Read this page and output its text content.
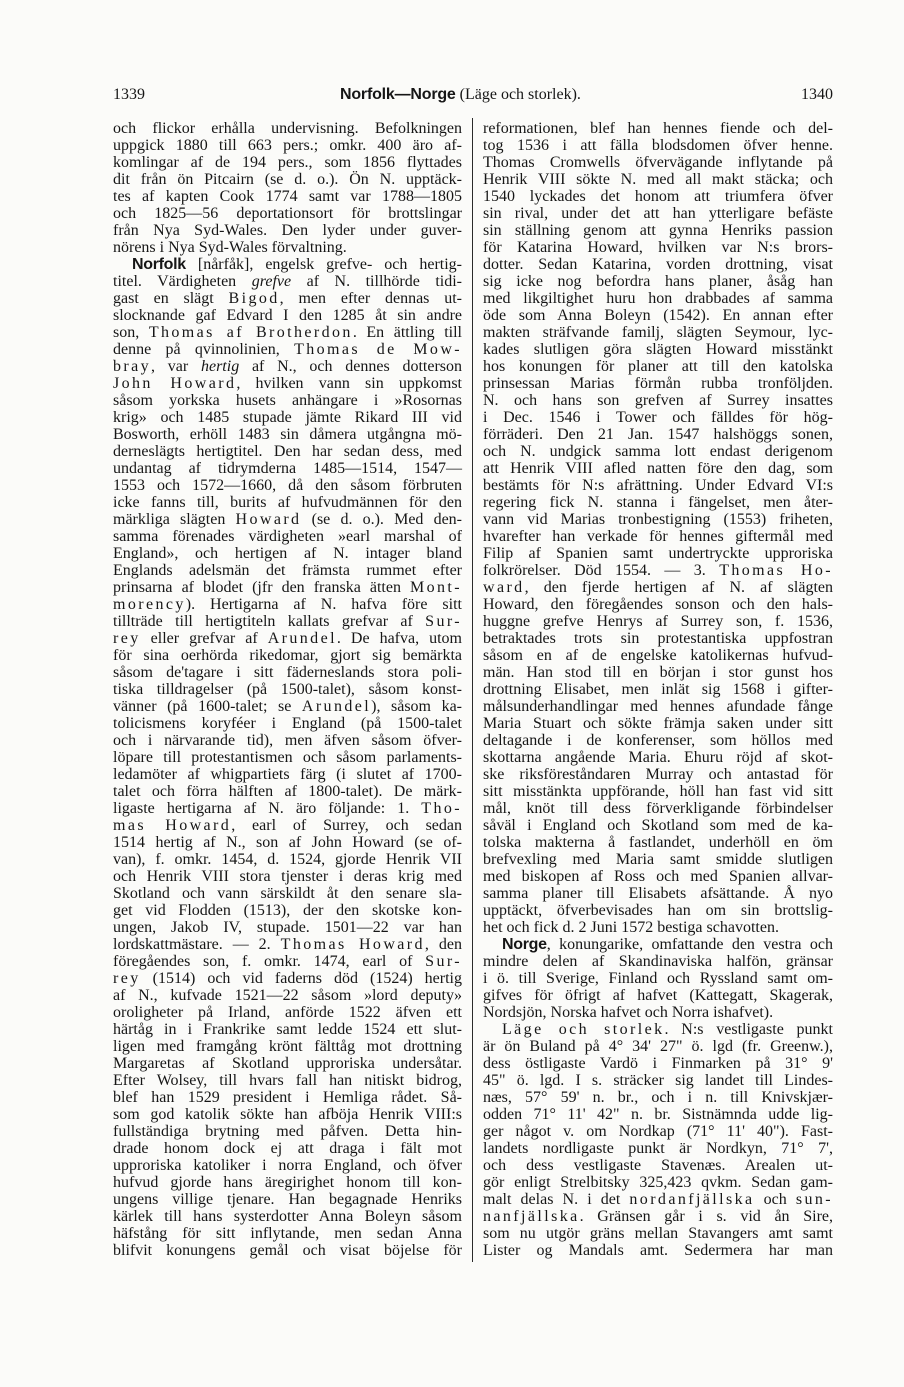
1339	Norfolk—Norge (Läge och storlek).	1340
och flickor erhålla undervisning. Befolkningen
uppgick 1880 till 663 pers.; omkr. 400 äro af-
komlingar af de 194 pers., som 1856 flyttades
dit från ön Pitcairn (se d. o.). Ön N. upptäck-
tes af kapten Cook 1774 samt var 1788—1805
och 1825—56 deportationsort för brottslingar
från Nya Syd-Wales. Den lyder under guver-
nörens i Nya Syd-Wales förvaltning.
Norfolk [nårfåk], engelsk grefve- och hertig-
titel. Värdigheten grefve af N. tillhörde tidi-
gast en slägt Bigod, men efter dennas ut-
slocknande gaf Edvard I den 1285 åt sin andre
son, Thomas af Brotherdon. En ättling till
denne på qvinnolinien, Thomas de Mow-
bray, var hertig af N., och dennes dotterson
John Howard, hvilken vann sin uppkomst
såsom yorkska husets anhängare i »Rosornas
krig» och 1485 stupade jämte Rikard III vid
Bosworth, erhöll 1483 sin dåmera utgångna mö-
derneslägts hertigtitel. Den har sedan dess, med
undantag af tidrymderna 1485—1514, 1547—
1553 och 1572—1660, då den såsom förbruten
icke fanns till, burits af hufvudmännen för den
märkliga slägten Howard (se d. o.). Med den-
samma förenades värdigheten »earl marshal of
England», och hertigen af N. intager bland
Englands adelsmän det främsta rummet efter
prinsarna af blodet (jfr den franska ätten Mont-
morency). Hertigarna af N. hafva före sitt
tillträde till hertigtiteln kallats grefvar af Sur-
rey eller grefvar af Arundel. De hafva, utom
för sina oerhörda rikedomar, gjort sig bemärkta
såsom de'tagare i sitt fäderneslands stora poli-
tiska tilldragelser (på 1500-talet), såsom konst-
vänner (på 1600-talet; se Arundel), såsom ka-
tolicismens koryféer i England (på 1500-talet
och i närvarande tid), men äfven såsom öfver-
löpare till protestantismen och såsom parlaments-
ledamöter af whigpartiets färg (i slutet af 1700-
talet och förra hälften af 1800-talet). De märk-
ligaste hertigarna af N. äro följande: 1. Tho-
mas Howard, earl of Surrey, och sedan
1514 hertig af N., son af John Howard (se of-
van), f. omkr. 1454, d. 1524, gjorde Henrik VII
och Henrik VIII stora tjenster i deras krig med
Skotland och vann särskildt åt den senare sla-
get vid Flodden (1513), der den skotske kon-
ungen, Jakob IV, stupade. 1501—22 var han
lordskattmästare. — 2. Thomas Howard, den
föregåendes son, f. omkr. 1474, earl of Sur-
rey (1514) och vid faderns död (1524) hertig
af N., kufvade 1521—22 såsom »lord deputy»
oroligheter på Irland, anförde 1522 äfven ett
härtåg in i Frankrike samt ledde 1524 ett slut-
ligen med framgång krönt fälttåg mot drottning
Margaretas af Skotland upproriska undersåtar.
Efter Wolsey, till hvars fall han nitiskt bidrog,
blef han 1529 president i Hemliga rådet. Så-
som god katolik sökte han afböja Henrik VIII:s
fullständiga brytning med påfven. Detta hin-
drade honom dock ej att draga i fält mot
upproriska katoliker i norra England, och öfver
hufvud gjorde hans äregirighet honom till kon-
ungens villige tjenare. Han begagnade Henriks
kärlek till hans systerdotter Anna Boleyn såsom
häfstång för sitt inflytande, men sedan Anna
blifvit konungens gemål och visat böjelse för
reformationen, blef han hennes fiende och del-
tog 1536 i att fälla blodsdomen öfver henne.
Thomas Cromwells öfvervägande inflytande på
Henrik VIII sökte N. med all makt stäcka; och
1540 lyckades det honom att triumfera öfver
sin rival, under det att han ytterligare befäste
sin ställning genom att gynna Henriks passion
för Katarina Howard, hvilken var N:s brors-
dotter. Sedan Katarina, vorden drottning, visat
sig icke nog befordra hans planer, åsåg han
med likgiltighet huru hon drabbades af samma
öde som Anna Boleyn (1542). En annan efter
makten sträfvande familj, slägten Seymour, lyc-
kades slutligen göra slägten Howard misstänkt
hos konungen för planer att till den katolska
prinsessan Marias förmån rubba tronföljden.
N. och hans son grefven af Surrey insattes
i Dec. 1546 i Tower och fälldes för hög-
förräderi. Den 21 Jan. 1547 halshöggs sonen,
och N. undgick samma lott endast derigenom
att Henrik VIII afled natten före den dag, som
bestämts för N:s afrättning. Under Edvard VI:s
regering fick N. stanna i fängelset, men åter-
vann vid Marias tronbestigning (1553) friheten,
hvarefter han verkade för hennes giftermål med
Filip af Spanien samt undertryckte upproriska
folkrörelser. Död 1554. — 3. Thomas Ho-
ward, den fjerde hertigen af N. af slägten
Howard, den föregåendes sonson och den hals-
huggne grefve Henrys af Surrey son, f. 1536,
betraktades trots sin protestantiska uppfostran
såsom en af de engelske katolikernas hufvud-
män. Han stod till en början i stor gunst hos
drottning Elisabet, men inlät sig 1568 i gifter-
målsunderhandlingar med hennes afundade fånge
Maria Stuart och sökte främja saken under sitt
deltagande i de konferenser, som höllos med
skottarna angående Maria. Ehuru röjd af skot-
ske riksföreståndaren Murray och antastad för
sitt misstänkta uppförande, höll han fast vid sitt
mål, knöt till dess förverkligande förbindelser
såväl i England och Skotland som med de ka-
tolska makterna å fastlandet, underhöll en öm
brefvexling med Maria samt smidde slutligen
med biskopen af Ross och med Spanien allvar-
samma planer till Elisabets afsättande. Å nyo
upptäckt, öfverbevisades han om sin brottslig-
het och fick d. 2 Juni 1572 bestiga schavotten.
Norge, konungarike, omfattande den vestra och
mindre delen af Skandinaviska halfön, gränsar
i ö. till Sverige, Finland och Ryssland samt om-
gifves för öfrigt af hafvet (Kattegatt, Skagerak,
Nordsjön, Norska hafvet och Norra ishafvet).
Läge och storlek. N:s vestligaste punkt
är ön Buland på 4° 34' 27" ö. lgd (fr. Greenw.),
dess östligaste Vardö i Finmarken på 31° 9'
45" ö. lgd. I s. sträcker sig landet till Lindes-
næs, 57° 59' n. br., och i n. till Knivskjær-
odden 71° 11' 42" n. br. Sistnämnda udde lig-
ger något v. om Nordkap (71° 11' 40"). Fast-
landets nordligaste punkt är Nordkyn, 71° 7',
och dess vestligaste Stavenæs. Arealen ut-
gör enligt Strelbitsky 325,423 qvkm. Sedan gam-
malt delas N. i det nordanfjällska och sun-
nanfjällska. Gränsen går i s. vid ån Sire,
som nu utgör gräns mellan Stavangers amt samt
Lister og Mandals amt. Sedermera har man
